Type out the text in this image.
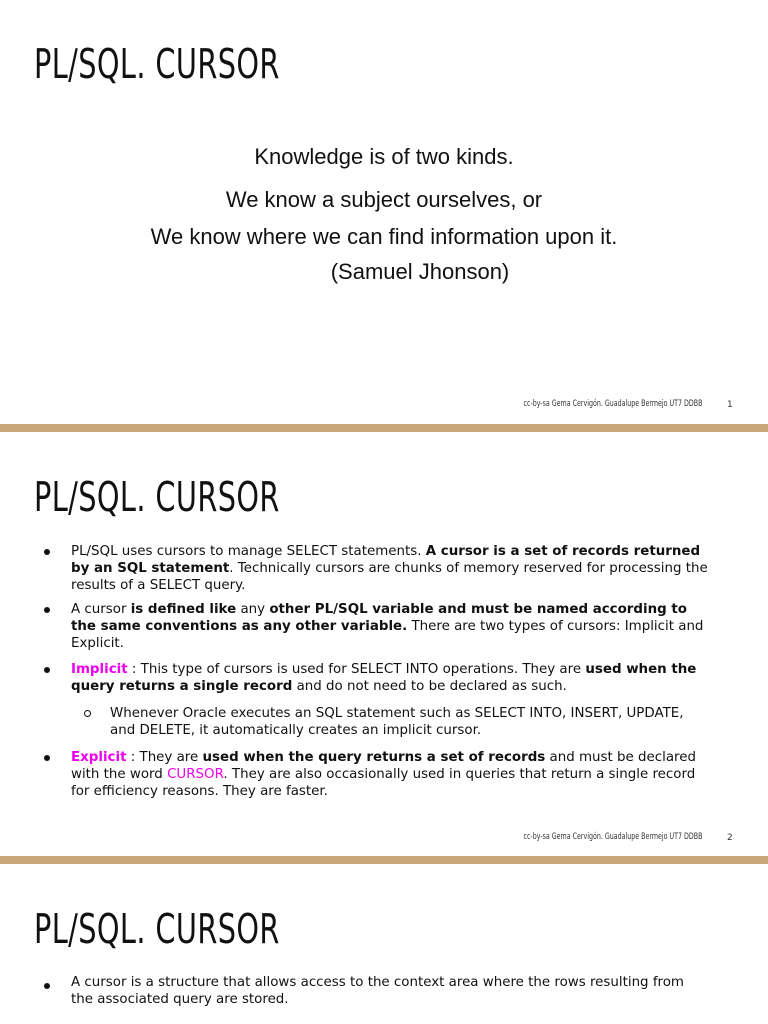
PL/SQL. CURSOR
Knowledge is of two kinds.
We know a subject ourselves, or
We know where we can find information upon it.
(Samuel Jhonson)
cc-by-sa Gema Cervigón. Guadalupe Bermejo UT7 DDBB	1
PL/SQL. CURSOR
PL/SQL uses cursors to manage SELECT statements. A cursor is a set of records returned by an SQL statement. Technically cursors are chunks of memory reserved for processing the results of a SELECT query.
A cursor is defined like any other PL/SQL variable and must be named according to the same conventions as any other variable. There are two types of cursors: Implicit and Explicit.
Implicit : This type of cursors is used for SELECT INTO operations. They are used when the query returns a single record and do not need to be declared as such.
Whenever Oracle executes an SQL statement such as SELECT INTO, INSERT, UPDATE, and DELETE, it automatically creates an implicit cursor.
Explicit : They are used when the query returns a set of records and must be declared with the word CURSOR. They are also occasionally used in queries that return a single record for efficiency reasons. They are faster.
cc-by-sa Gema Cervigón. Guadalupe Bermejo UT7 DDBB	2
PL/SQL. CURSOR
A cursor is a structure that allows access to the context area where the rows resulting from the associated query are stored.
